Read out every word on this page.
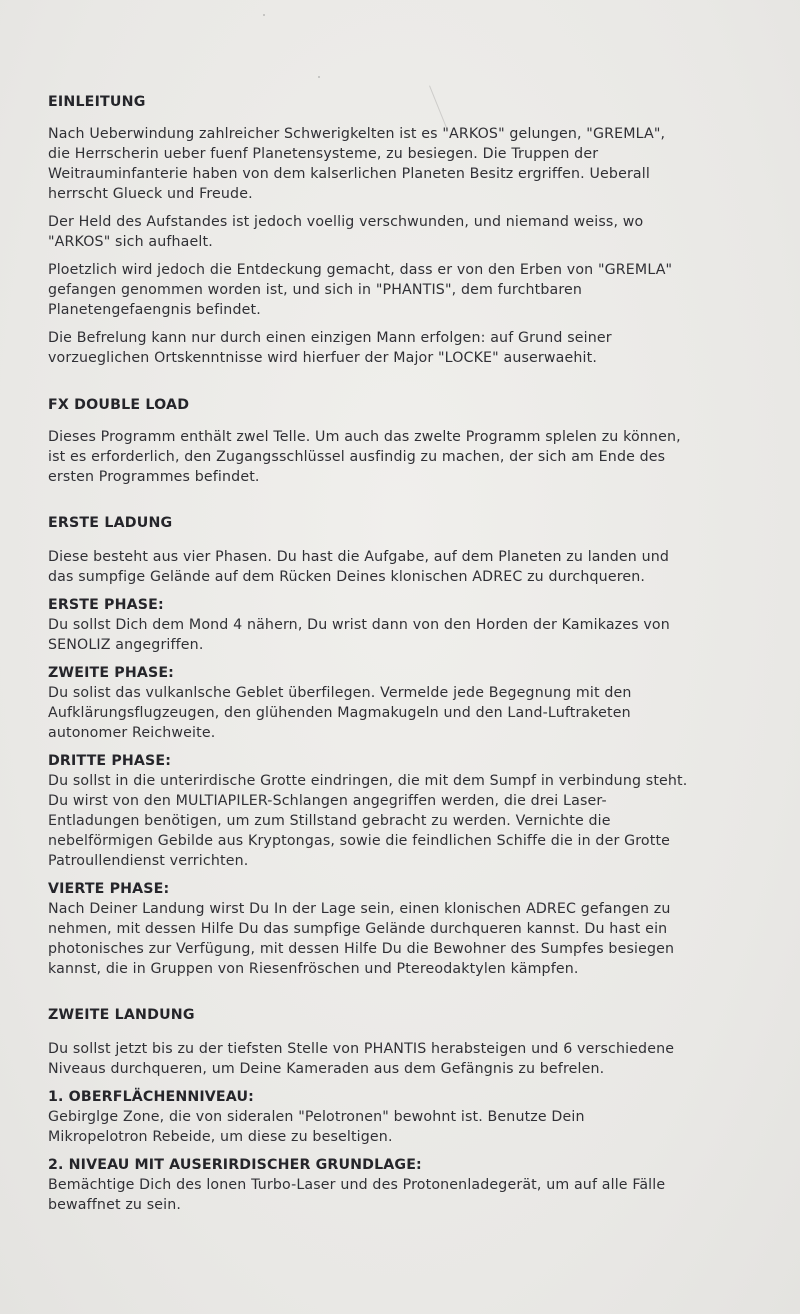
EINLEITUNG

Nach Ueberwindung zahlreicher Schwerigkelten ist es "ARKOS" gelungen, "GREMLA",
die Herrscherin ueber fuenf Planetensysteme, zu besiegen. Die Truppen der
Weitrauminfanterie haben von dem kalserlichen Planeten Besitz ergriffen. Ueberall
herrscht Glueck und Freude.

Der Held des Aufstandes ist jedoch voellig verschwunden, und niemand weiss, wo
"ARKOS" sich aufhaelt.

Ploetzlich wird jedoch die Entdeckung gemacht, dass er von den Erben von "GREMLA"
gefangen genommen worden ist, und sich in "PHANTIS", dem furchtbaren
Planetengefaengnis befindet.

Die Befrelung kann nur durch einen einzigen Mann erfolgen: auf Grund seiner
vorzueglichen Ortskenntnisse wird hierfuer der Major "LOCKE" auserwaehit.

FX DOUBLE LOAD

Dieses Programm enthält zwel Telle. Um auch das zwelte Programm splelen zu können,
ist es erforderlich, den Zugangsschlüssel ausfindig zu machen, der sich am Ende des
ersten Programmes befindet.

ERSTE LADUNG

Diese besteht aus vier Phasen. Du hast die Aufgabe, auf dem Planeten zu landen und
das sumpfige Gelände auf dem Rücken Deines klonischen ADREC zu durchqueren.

ERSTE PHASE:

Du sollst Dich dem Mond 4 nähern, Du wrist dann von den Horden der Kamikazes von
SENOLIZ angegriffen.

ZWEITE PHASE:

Du solist das vulkanlsche Geblet überfilegen. Vermelde jede Begegnung mit den
Aufklärungsflugzeugen, den glühenden Magmakugeln und den Land-Luftraketen
autonomer Reichweite.

DRITTE PHASE:

Du sollst in die unterirdische Grotte eindringen, die mit dem Sumpf in verbindung steht.
Du wirst von den MULTIAPILER-Schlangen angegriffen werden, die drei Laser-
Entladungen benötigen, um zum Stillstand gebracht zu werden. Vernichte die
nebelförmigen Gebilde aus Kryptongas, sowie die feindlichen Schiffe die in der Grotte
Patroullendienst verrichten.

VIERTE PHASE:

Nach Deiner Landung wirst Du In der Lage sein, einen klonischen ADREC gefangen zu
nehmen, mit dessen Hilfe Du das sumpfige Gelände durchqueren kannst. Du hast ein
photonisches zur Verfügung, mit dessen Hilfe Du die Bewohner des Sumpfes besiegen
kannst, die in Gruppen von Riesenfröschen und Ptereodaktylen kämpfen.

ZWEITE LANDUNG

Du sollst jetzt bis zu der tiefsten Stelle von PHANTIS herabsteigen und 6 verschiedene
Niveaus durchqueren, um Deine Kameraden aus dem Gefängnis zu befrelen.

1. OBERFLÄCHENNIVEAU:

Gebirglge Zone, die von sideralen "Pelotronen" bewohnt ist. Benutze Dein
Mikropelotron Rebeide, um diese zu beseltigen.

2. NIVEAU MIT AUSERIRDISCHER GRUNDLAGE:

Bemächtige Dich des lonen Turbo-Laser und des Protonenladegerät, um auf alle Fälle
bewaffnet zu sein.
